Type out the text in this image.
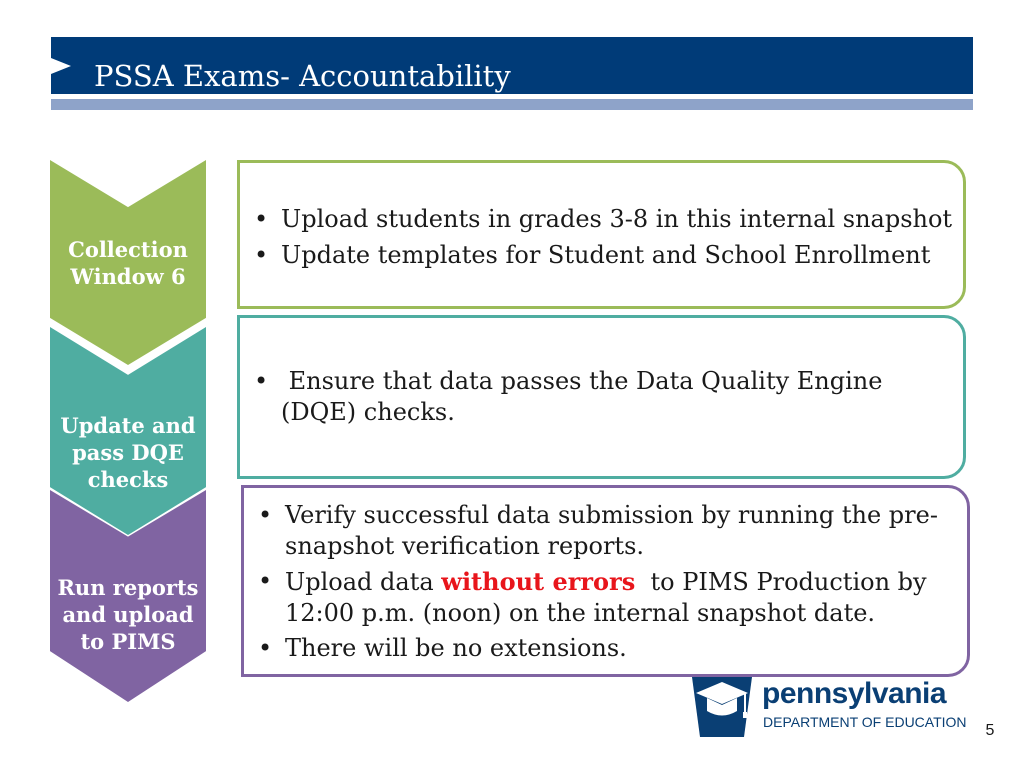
PSSA Exams- Accountability
Collection Window 6
Update and pass DQE checks
Run reports and upload to PIMS
• Upload students in grades 3-8 in this internal snapshot
• Update templates for Student and School Enrollment
• Ensure that data passes the Data Quality Engine (DQE) checks.
• Verify successful data submission by running the pre-snapshot verification reports.
• Upload data without errors  to PIMS Production by 12:00 p.m. (noon) on the internal snapshot date.
• There will be no extensions.
pennsylvania
DEPARTMENT OF EDUCATION	5
